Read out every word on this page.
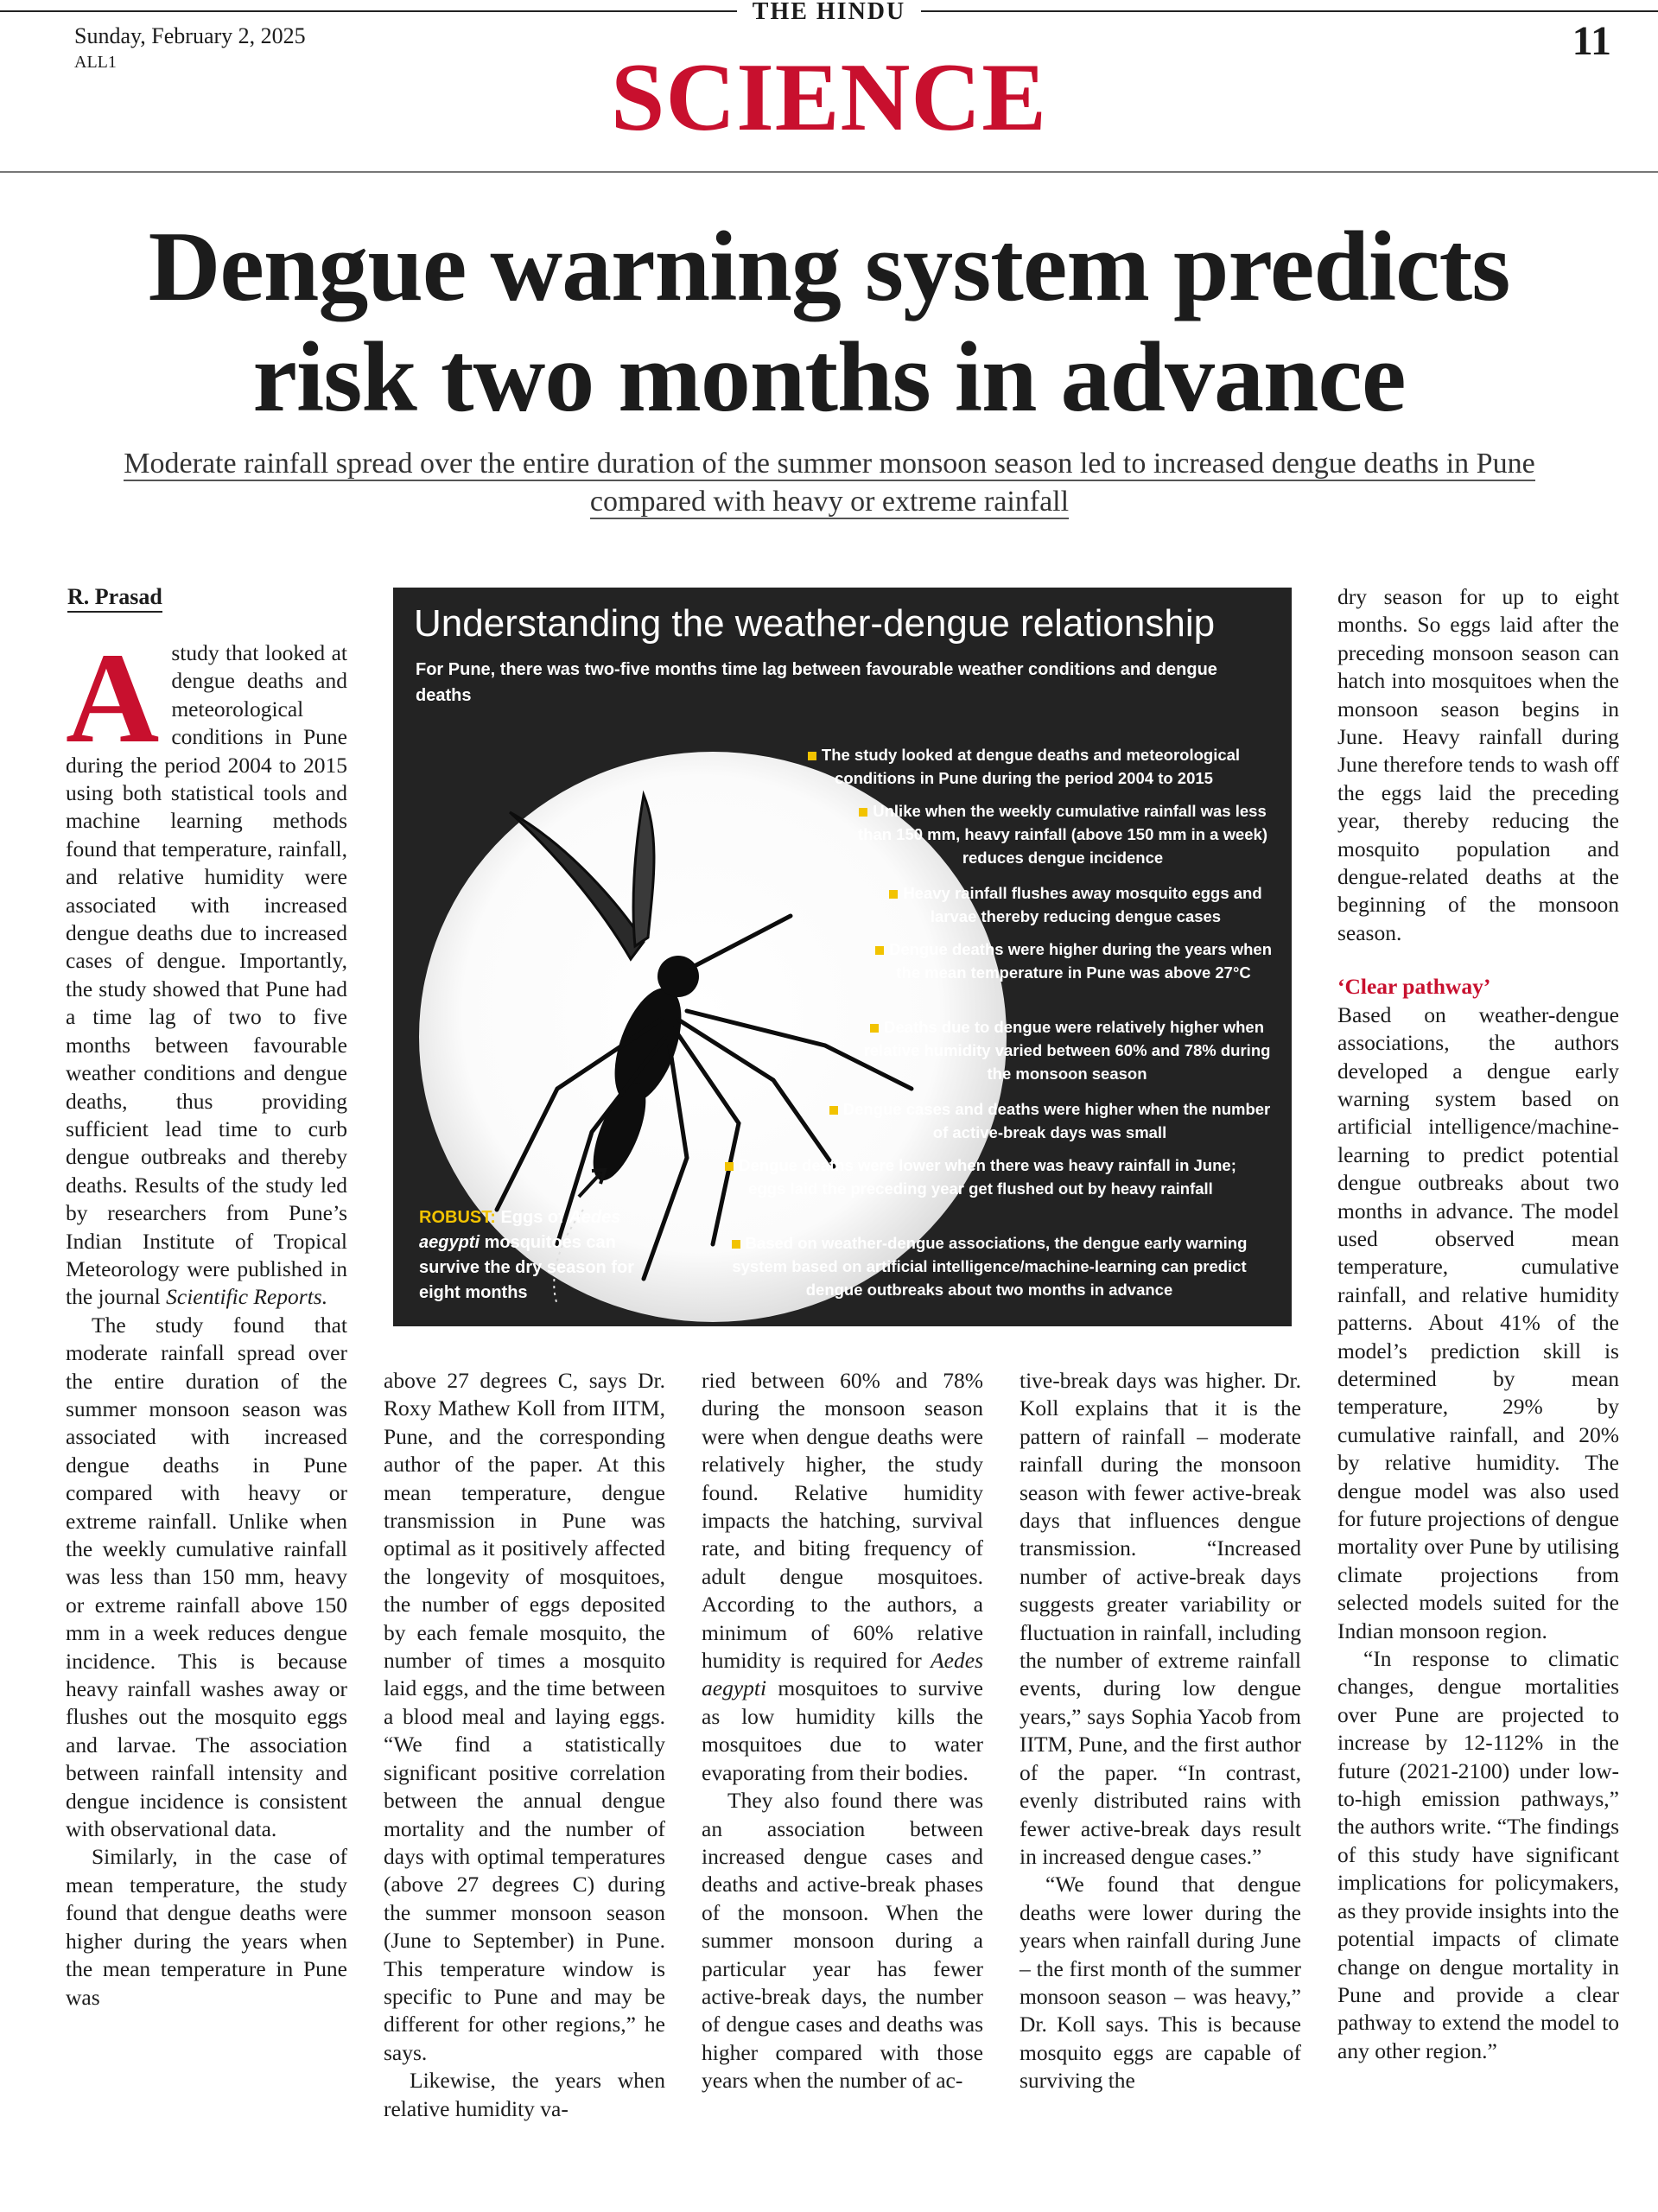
THE HINDU
Sunday, February 2, 2025
ALL1	SCIENCE
11
Dengue warning system predicts
risk two months in advance
Moderate rainfall spread over the entire duration of the summer monsoon season led to increased dengue deaths in Pune
compared with heavy or extreme rainfall
R. Prasad

Astudy that looked at dengue deaths and meteorological conditions in Pune during the period 2004 to 2015 using both statistical tools and machine learning methods found that temperature, rainfall, and relative humidity were associated with increased dengue deaths due to increased cases of dengue. Importantly, the study showed that Pune had a time lag of two to five months between favourable weather conditions and dengue deaths, thus providing sufficient lead time to curb dengue outbreaks and thereby deaths. Results of the study led by researchers from Pune’s Indian Institute of Tropical Meteorology were published in the journal Scientific Reports.

The study found that moderate rainfall spread over the entire duration of the summer monsoon season was associated with increased dengue deaths in Pune compared with heavy or extreme rainfall. Unlike when the weekly cumulative rainfall was less than 150 mm, heavy or extreme rainfall above 150 mm in a week reduces dengue incidence. This is because heavy rainfall washes away or flushes out the mosquito eggs and larvae. The association between rainfall intensity and dengue incidence is consistent with observational data.

Similarly, in the case of mean temperature, the study found that dengue deaths were higher during the years when the mean temperature in Pune was

Understanding the weather-dengue relationship
For Pune, there was two-five months time lag between favourable weather conditions and dengue deaths
The study looked at dengue deaths and meteorological conditions in Pune during the period 2004 to 2015
Unlike when the weekly cumulative rainfall was less than 150 mm, heavy rainfall (above 150 mm in a week) reduces dengue incidence
Heavy rainfall flushes away mosquito eggs and larvae thereby reducing dengue cases
Dengue deaths were higher during the years when the mean temperature in Pune was above 27°C
Deaths due to dengue were relatively higher when relative humidity varied between 60% and 78% during the monsoon season
Dengue cases and deaths were higher when the number of active-break days was small
Dengue deaths were lower when there was heavy rainfall in June; eggs laid the preceding year get flushed out by heavy rainfall
Based on weather-dengue associations, the dengue early warning system based on artificial intelligence/machine-learning can predict dengue outbreaks about two months in advance
ROBUST: Eggs of Aedes aegypti mosquitoes can survive the dry season for eight months

above 27 degrees C, says Dr. Roxy Mathew Koll from IITM, Pune, and the corresponding author of the paper. At this mean temperature, dengue transmission in Pune was optimal as it positively affected the longevity of mosquitoes, the number of eggs deposited by each female mosquito, the number of times a mosquito laid eggs, and the time between a blood meal and laying eggs. “We find a statistically significant positive correlation between the annual dengue mortality and the number of days with optimal temperatures (above 27 degrees C) during the summer monsoon season (June to September) in Pune. This temperature window is specific to Pune and may be different for other regions,” he says.

Likewise, the years when relative humidity va-

ried between 60% and 78% during the monsoon season were when dengue deaths were relatively higher, the study found. Relative humidity impacts the hatching, survival rate, and biting frequency of adult dengue mosquitoes. According to the authors, a minimum of 60% relative humidity is required for Aedes aegypti mosquitoes to survive as low humidity kills the mosquitoes due to water evaporating from their bodies.

They also found there was an association between increased dengue cases and deaths and active-break phases of the monsoon. When the summer monsoon during a particular year has fewer active-break days, the number of dengue cases and deaths was higher compared with those years when the number of ac-

tive-break days was higher. Dr. Koll explains that it is the pattern of rainfall – moderate rainfall during the monsoon season with fewer active-break days that influences dengue transmission. “Increased number of active-break days suggests greater variability or fluctuation in rainfall, including the number of extreme rainfall events, during low dengue years,” says Sophia Yacob from IITM, Pune, and the first author of the paper. “In contrast, evenly distributed rains with fewer active-break days result in increased dengue cases.”

“We found that dengue deaths were lower during the years when rainfall during June – the first month of the summer monsoon season – was heavy,” Dr. Koll says. This is because mosquito eggs are capable of surviving the

dry season for up to eight months. So eggs laid after the preceding monsoon season can hatch into mosquitoes when the monsoon season begins in June. Heavy rainfall during June therefore tends to wash off the eggs laid the preceding year, thereby reducing the mosquito population and dengue-related deaths at the beginning of the monsoon season.

‘Clear pathway’

Based on weather-dengue associations, the authors developed a dengue early warning system based on artificial intelligence/machine-learning to predict potential dengue outbreaks about two months in advance. The model used observed mean temperature, cumulative rainfall, and relative humidity patterns. About 41% of the model’s prediction skill is determined by mean temperature, 29% by cumulative rainfall, and 20% by relative humidity. The dengue model was also used for future projections of dengue mortality over Pune by utilising climate projections from selected models suited for the Indian monsoon region.

“In response to climatic changes, dengue mortalities over Pune are projected to increase by 12-112% in the future (2021-2100) under low-to-high emission pathways,” the authors write. “The findings of this study have significant implications for policymakers, as they provide insights into the potential impacts of climate change on dengue mortality in Pune and provide a clear pathway to extend the model to any other region.”
